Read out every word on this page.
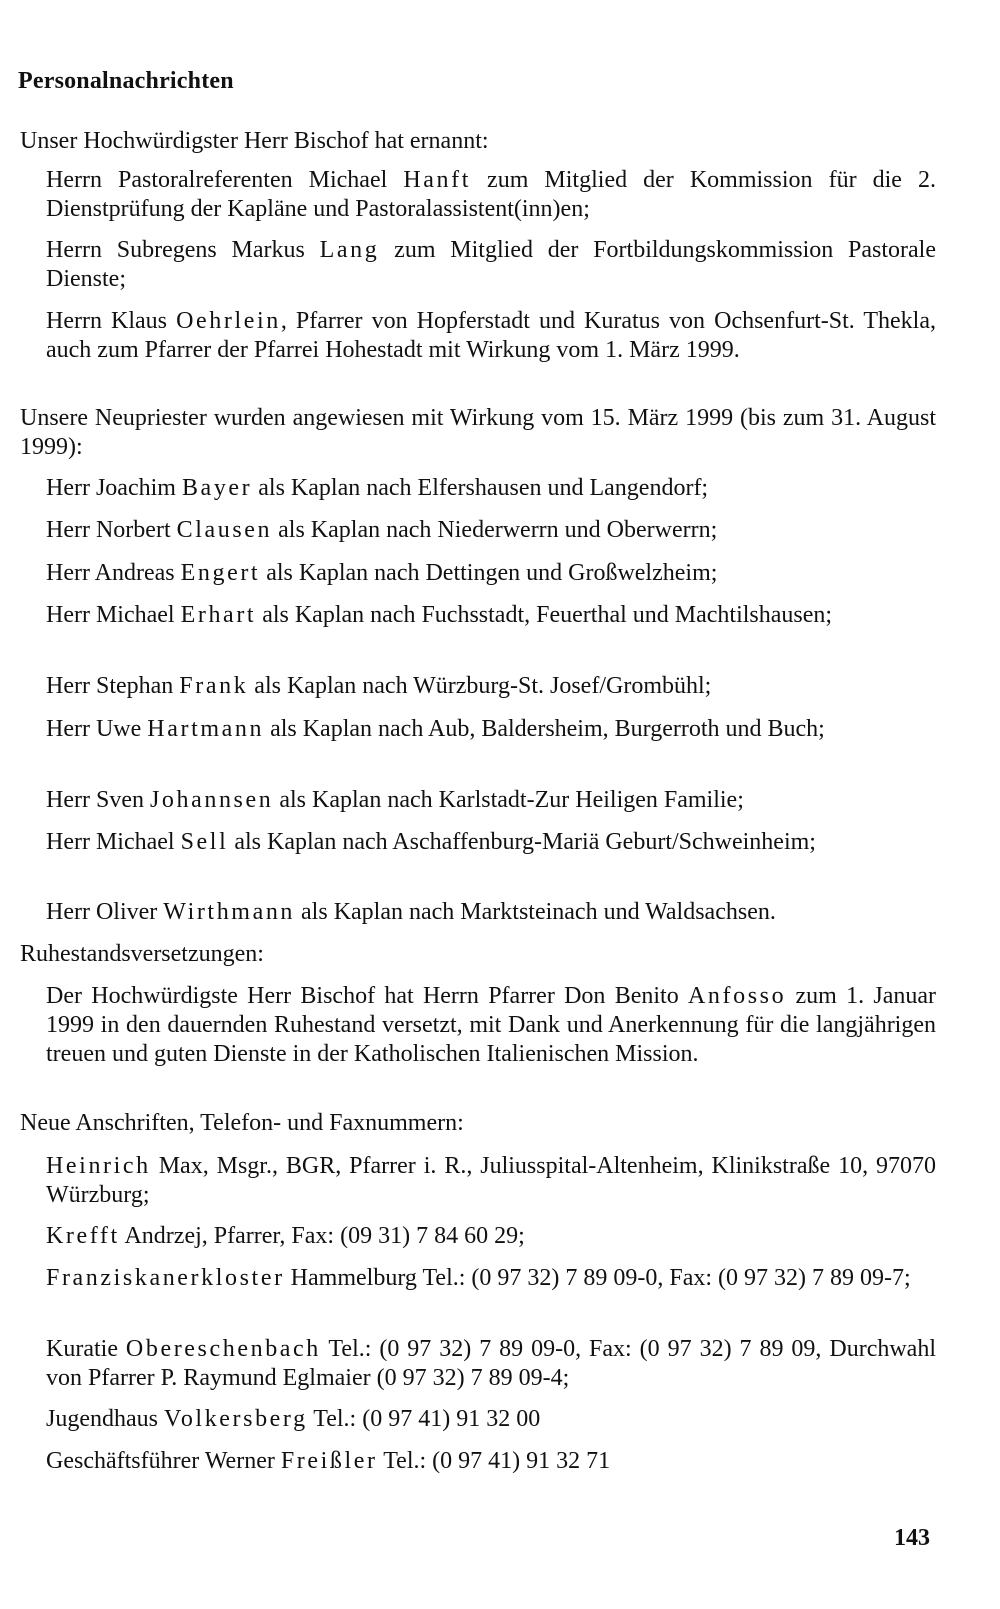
Personalnachrichten
Unser Hochwürdigster Herr Bischof hat ernannt:
Herrn Pastoralreferenten Michael Hanft zum Mitglied der Kommission für die 2. Dienstprüfung der Kapläne und Pastoralassistent(inn)en;
Herrn Subregens Markus Lang zum Mitglied der Fortbildungskommission Pastorale Dienste;
Herrn Klaus Oehrlein, Pfarrer von Hopferstadt und Kuratus von Ochsenfurt-St. Thekla, auch zum Pfarrer der Pfarrei Hohestadt mit Wirkung vom 1. März 1999.
Unsere Neupriester wurden angewiesen mit Wirkung vom 15. März 1999 (bis zum 31. August 1999):
Herr Joachim Bayer als Kaplan nach Elfershausen und Langendorf;
Herr Norbert Clausen als Kaplan nach Niederwerrn und Oberwerrn;
Herr Andreas Engert als Kaplan nach Dettingen und Großwelzheim;
Herr Michael Erhart als Kaplan nach Fuchsstadt, Feuerthal und Machtilshausen;
Herr Stephan Frank als Kaplan nach Würzburg-St. Josef/Grombühl;
Herr Uwe Hartmann als Kaplan nach Aub, Baldersheim, Burgerroth und Buch;
Herr Sven Johannsen als Kaplan nach Karlstadt-Zur Heiligen Familie;
Herr Michael Sell als Kaplan nach Aschaffenburg-Mariä Geburt/Schweinheim;
Herr Oliver Wirthmann als Kaplan nach Marktsteinach und Waldsachsen.
Ruhestandsversetzungen:
Der Hochwürdigste Herr Bischof hat Herrn Pfarrer Don Benito Anfosso zum 1. Januar 1999 in den dauernden Ruhestand versetzt, mit Dank und Anerkennung für die langjährigen treuen und guten Dienste in der Katholischen Italienischen Mission.
Neue Anschriften, Telefon- und Faxnummern:
Heinrich Max, Msgr., BGR, Pfarrer i. R., Juliusspital-Altenheim, Klinikstraße 10, 97070 Würzburg;
Krefft Andrzej, Pfarrer, Fax: (09 31) 7 84 60 29;
Franziskanerkloster Hammelburg Tel.: (0 97 32) 7 89 09-0, Fax: (0 97 32) 7 89 09-7;
Kuratie Obereschenbach Tel.: (0 97 32) 7 89 09-0, Fax: (0 97 32) 7 89 09, Durchwahl von Pfarrer P. Raymund Eglmaier (0 97 32) 7 89 09-4;
Jugendhaus Volkersberg Tel.: (0 97 41) 91 32 00
Geschäftsführer Werner Freißler Tel.: (0 97 41) 91 32 71
143
